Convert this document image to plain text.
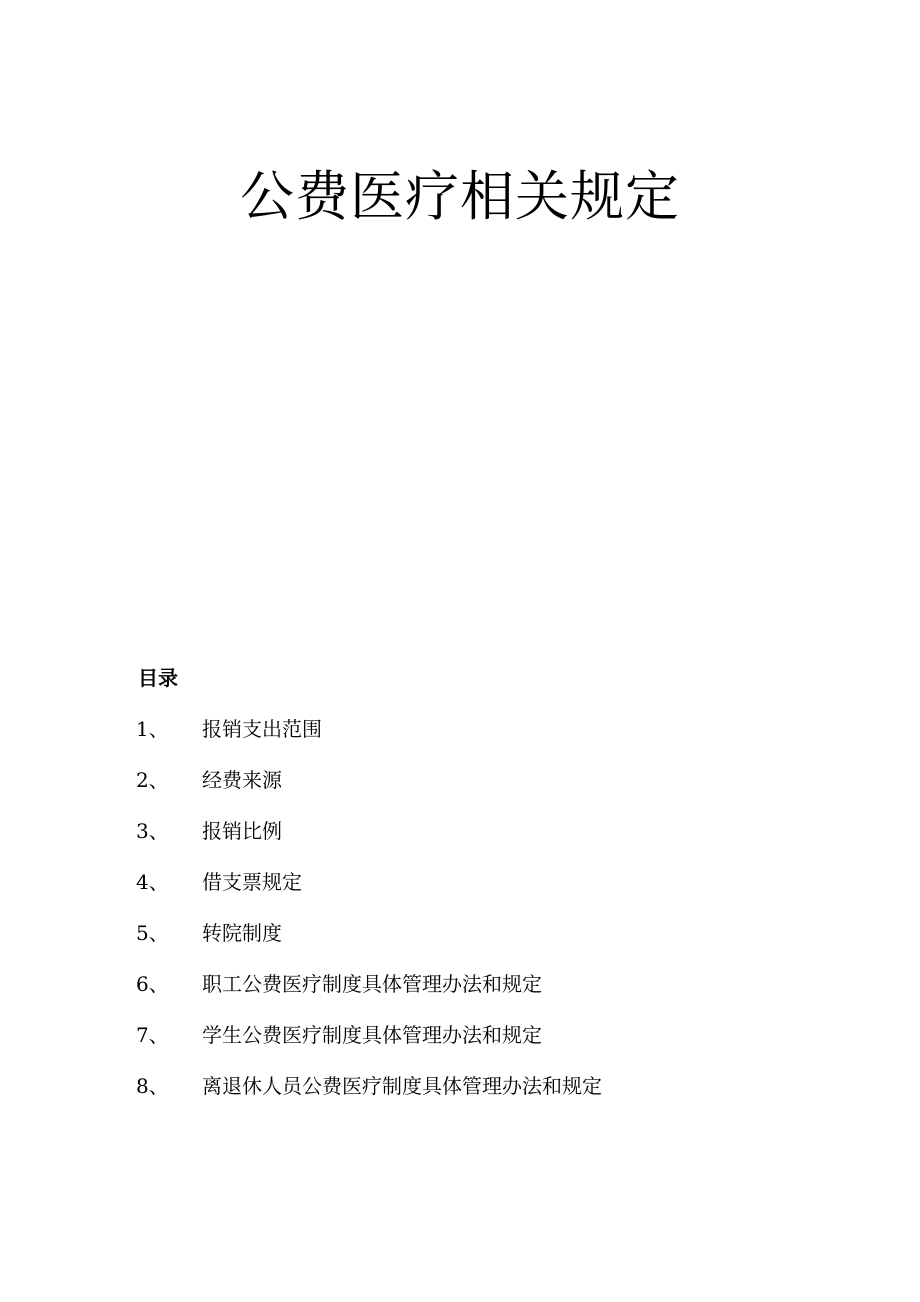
公费医疗相关规定
目录
1、	报销支出范围
2、	经费来源
3、	报销比例
4、	借支票规定
5、	转院制度
6、	职工公费医疗制度具体管理办法和规定
7、	学生公费医疗制度具体管理办法和规定
8、	离退休人员公费医疗制度具体管理办法和规定
